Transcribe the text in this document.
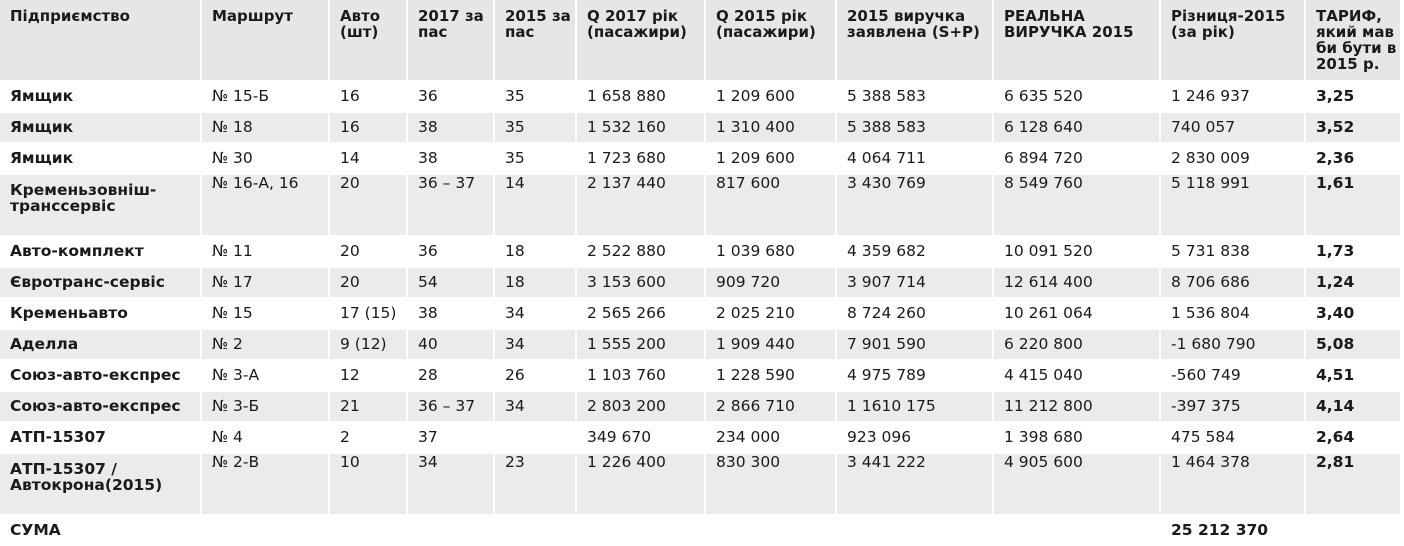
Підприємство	Маршрут	Авто (шт)	2017 за пас	2015 за пас	Q 2017 рік (пасажири)	Q 2015 рік (пасажири)	2015 виручка заявлена (S+P)	РЕАЛЬНА ВИРУЧКА 2015	Різниця-2015 (за рік)	ТАРИФ, який мав би бути в 2015 р.
Ямщик	№ 15-Б	16	36	35	1 658 880	1 209 600	5 388 583	6 635 520	1 246 937	3,25
Ямщик	№ 18	16	38	35	1 532 160	1 310 400	5 388 583	6 128 640	740 057	3,52
Ямщик	№ 30	14	38	35	1 723 680	1 209 600	4 064 711	6 894 720	2 830 009	2,36

Кременьзовніш-транссервіс	№ 16-А, 16	20	36 – 37	14	2 137 440	817 600	3 430 769	8 549 760	5 118 991	1,61
Авто-комплект	№ 11	20	36	18	2 522 880	1 039 680	4 359 682	10 091 520	5 731 838	1,73
Євротранс-сервіс	№ 17	20	54	18	3 153 600	909 720	3 907 714	12 614 400	8 706 686	1,24
Кременьавто	№ 15	17 (15)	38	34	2 565 266	2 025 210	8 724 260	10 261 064	1 536 804	3,40
Аделла	№ 2	9 (12)	40	34	1 555 200	1 909 440	7 901 590	6 220 800	-1 680 790	5,08
Союз-авто-експрес	№ 3-А	12	28	26	1 103 760	1 228 590	4 975 789	4 415 040	-560 749	4,51
Союз-авто-експрес	№ 3-Б	21	36 – 37	34	2 803 200	2 866 710	1 1610 175	11 212 800	-397 375	4,14
АТП-15307	№ 4	2	37		349 670	234 000	923 096	1 398 680	475 584	2,64

АТП-15307 / Автокрона(2015)	№ 2-В	10	34	23	1 226 400	830 300	3 441 222	4 905 600	1 464 378	2,81
СУМА									25 212 370	
